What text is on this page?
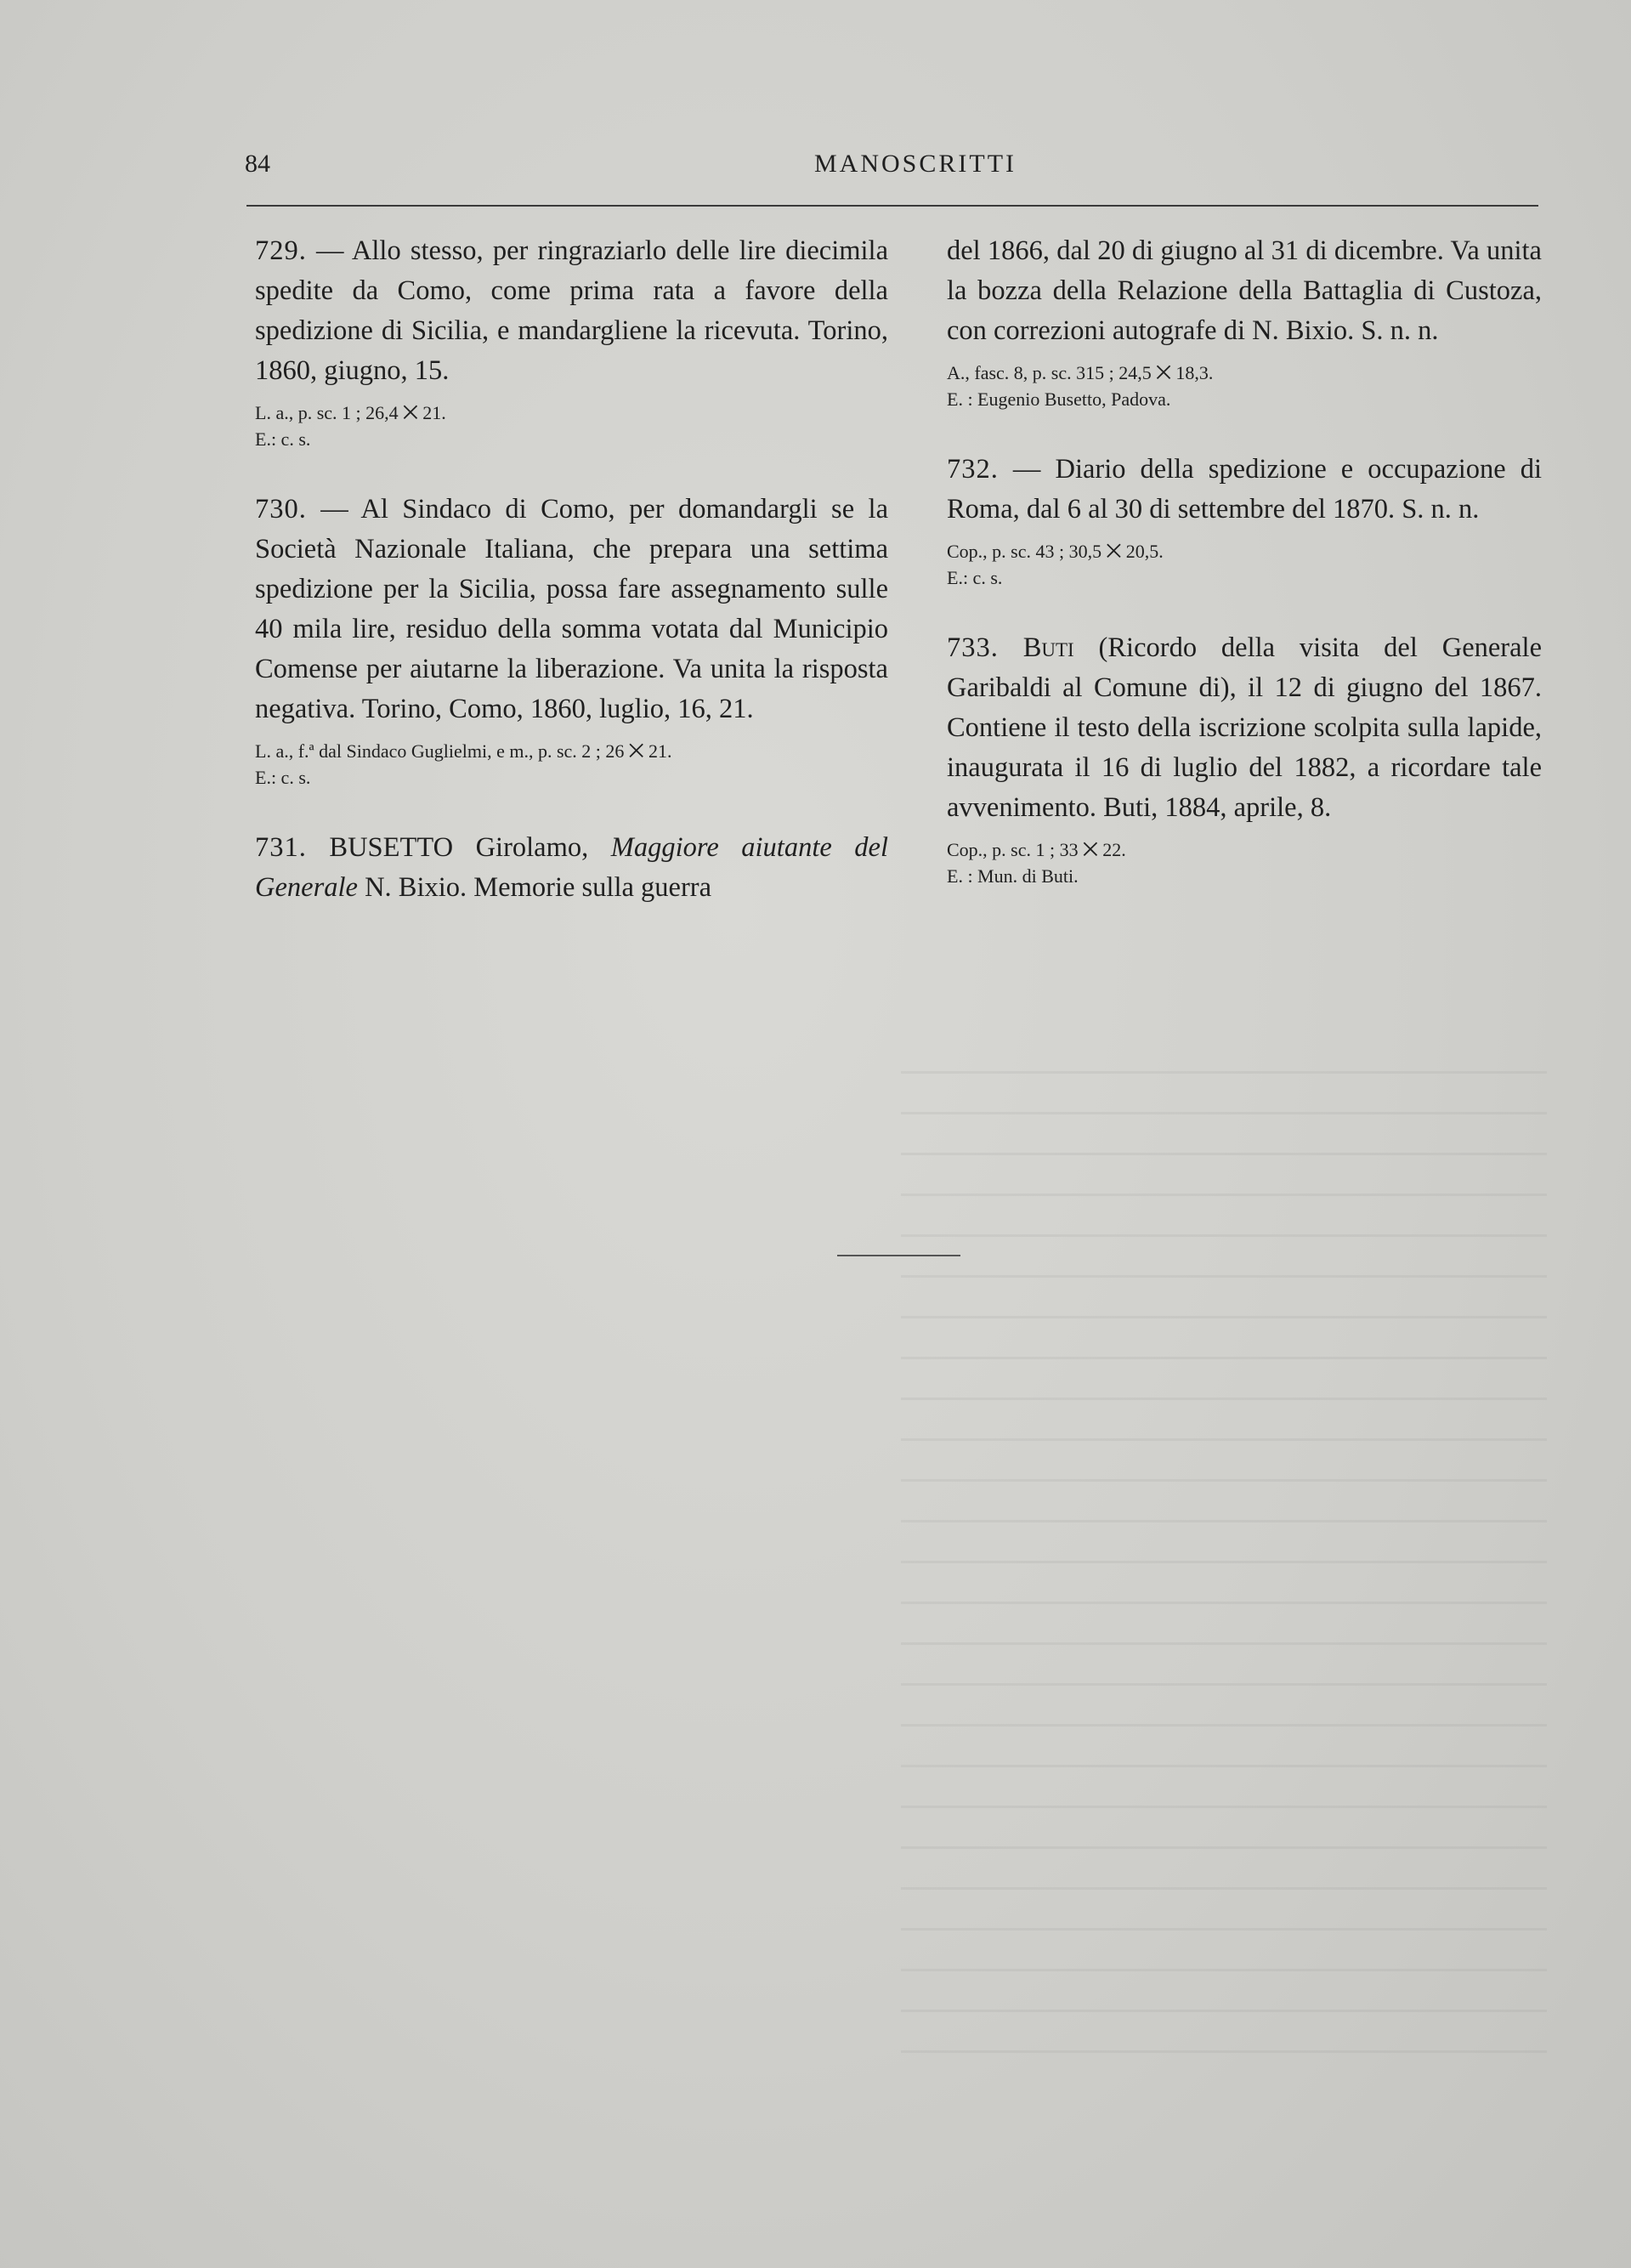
84	MANOSCRITTI

729. — Allo stesso, per ringraziarlo delle lire diecimila spedite da Como, come prima rata a favore della spedizione di Sicilia, e mandargliene la ricevuta. Torino, 1860, giugno, 15.

L. a., p. sc. 1 ; 26,4 ⨉ 21.
E.: c. s.

730. — Al Sindaco di Como, per domandargli se la Società Nazionale Italiana, che prepara una settima spedizione per la Sicilia, possa fare assegnamento sulle 40 mila lire, residuo della somma votata dal Municipio Comense per aiutarne la liberazione. Va unita la risposta negativa. Torino, Como, 1860, luglio, 16, 21.

L. a., f.ª dal Sindaco Guglielmi, e m., p. sc. 2 ; 26 ⨉ 21.
E.: c. s.

731. BUSETTO Girolamo, Maggiore aiutante del Generale N. Bixio. Memorie sulla guerra

del 1866, dal 20 di giugno al 31 di dicembre. Va unita la bozza della Relazione della Battaglia di Custoza, con correzioni autografe di N. Bixio. S. n. n.

A., fasc. 8, p. sc. 315 ; 24,5 ⨉ 18,3.
E. : Eugenio Busetto, Padova.

732. — Diario della spedizione e occupazione di Roma, dal 6 al 30 di settembre del 1870. S. n. n.

Cop., p. sc. 43 ; 30,5 ⨉ 20,5.
E.: c. s.

733. Buti (Ricordo della visita del Generale Garibaldi al Comune di), il 12 di giugno del 1867. Contiene il testo della iscrizione scolpita sulla lapide, inaugurata il 16 di luglio del 1882, a ricordare tale avvenimento. Buti, 1884, aprile, 8.

Cop., p. sc. 1 ; 33 ⨉ 22.
E. : Mun. di Buti.
